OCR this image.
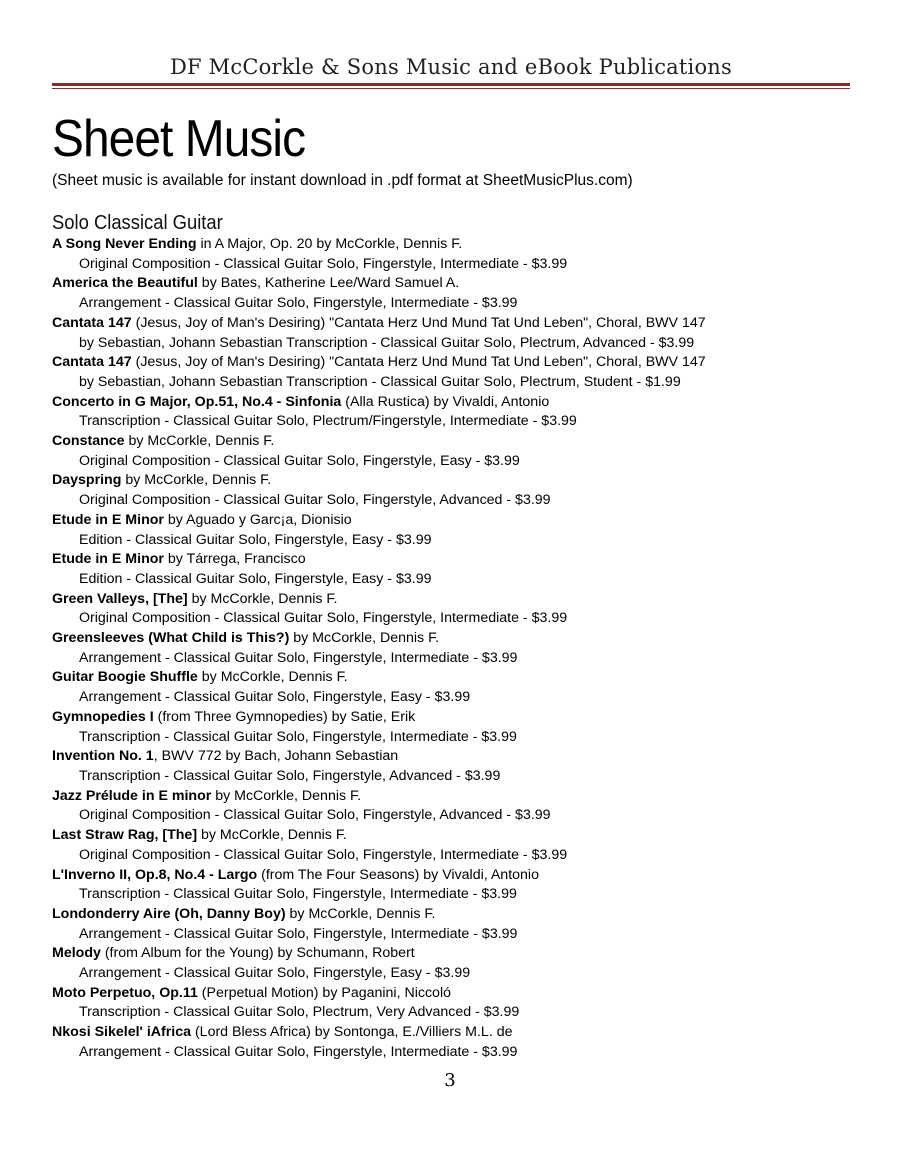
DF McCorkle & Sons Music and eBook Publications
Sheet Music
(Sheet music is available for instant download in .pdf format at SheetMusicPlus.com)
Solo Classical Guitar
A Song Never Ending in A Major, Op. 20 by McCorkle, Dennis F.
Original Composition - Classical Guitar Solo, Fingerstyle, Intermediate - $3.99
America the Beautiful by Bates, Katherine Lee/Ward Samuel A.
Arrangement - Classical Guitar Solo, Fingerstyle, Intermediate - $3.99
Cantata 147 (Jesus, Joy of Man's Desiring) "Cantata Herz Und Mund Tat Und Leben", Choral, BWV 147
by Sebastian, Johann Sebastian Transcription - Classical Guitar Solo, Plectrum, Advanced - $3.99
Cantata 147 (Jesus, Joy of Man's Desiring) "Cantata Herz Und Mund Tat Und Leben", Choral, BWV 147
by Sebastian, Johann Sebastian Transcription - Classical Guitar Solo, Plectrum, Student - $1.99
Concerto in G Major, Op.51, No.4 - Sinfonia (Alla Rustica) by Vivaldi, Antonio
Transcription - Classical Guitar Solo, Plectrum/Fingerstyle, Intermediate - $3.99
Constance by McCorkle, Dennis F.
Original Composition - Classical Guitar Solo, Fingerstyle, Easy - $3.99
Dayspring by McCorkle, Dennis F.
Original Composition - Classical Guitar Solo, Fingerstyle, Advanced - $3.99
Etude in E Minor by Aguado y Garc¡a, Dionisio
Edition - Classical Guitar Solo, Fingerstyle, Easy - $3.99
Etude in E Minor by Tárrega, Francisco
Edition - Classical Guitar Solo, Fingerstyle, Easy - $3.99
Green Valleys, [The] by McCorkle, Dennis F.
Original Composition - Classical Guitar Solo, Fingerstyle, Intermediate - $3.99
Greensleeves (What Child is This?) by McCorkle, Dennis F.
Arrangement - Classical Guitar Solo, Fingerstyle, Intermediate - $3.99
Guitar Boogie Shuffle by McCorkle, Dennis F.
Arrangement - Classical Guitar Solo, Fingerstyle, Easy - $3.99
Gymnopedies I (from Three Gymnopedies) by Satie, Erik
Transcription - Classical Guitar Solo, Fingerstyle, Intermediate - $3.99
Invention No. 1, BWV 772 by Bach, Johann Sebastian
Transcription - Classical Guitar Solo, Fingerstyle, Advanced - $3.99
Jazz Prélude in E minor by McCorkle, Dennis F.
Original Composition - Classical Guitar Solo, Fingerstyle, Advanced - $3.99
Last Straw Rag, [The] by McCorkle, Dennis F.
Original Composition - Classical Guitar Solo, Fingerstyle, Intermediate - $3.99
L'Inverno II, Op.8, No.4 - Largo (from The Four Seasons) by Vivaldi, Antonio
Transcription - Classical Guitar Solo, Fingerstyle, Intermediate - $3.99
Londonderry Aire (Oh, Danny Boy) by McCorkle, Dennis F.
Arrangement - Classical Guitar Solo, Fingerstyle, Intermediate - $3.99
Melody (from Album for the Young) by Schumann, Robert
Arrangement - Classical Guitar Solo, Fingerstyle, Easy - $3.99
Moto Perpetuo, Op.11 (Perpetual Motion) by Paganini, Niccoló
Transcription - Classical Guitar Solo, Plectrum, Very Advanced - $3.99
Nkosi Sikelel' iAfrica (Lord Bless Africa) by Sontonga, E./Villiers M.L. de
Arrangement - Classical Guitar Solo, Fingerstyle, Intermediate - $3.99
3
